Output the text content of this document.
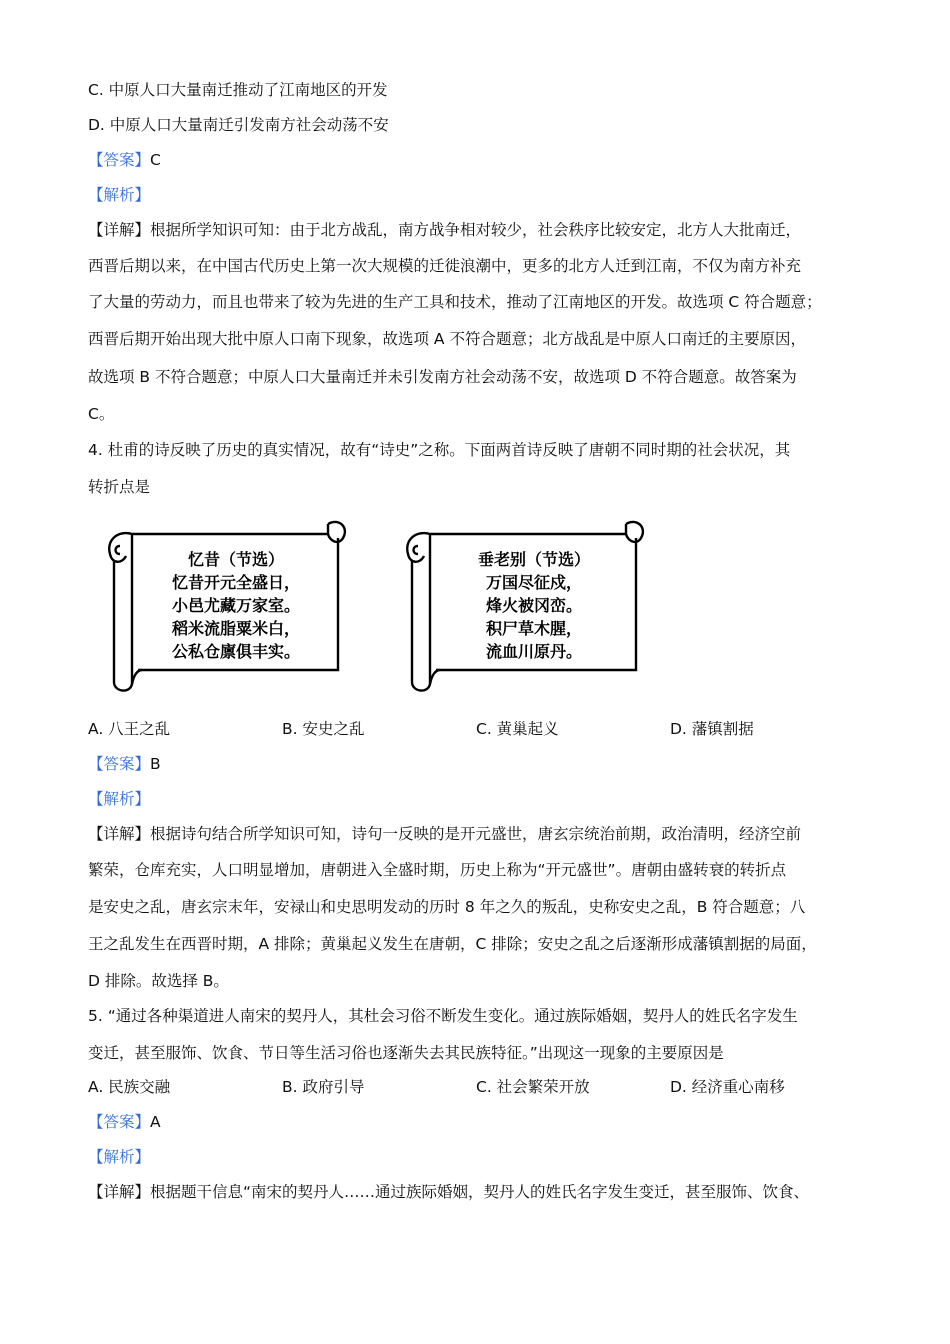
C. 中原人口大量南迁推动了江南地区的开发
D. 中原人口大量南迁引发南方社会动荡不安
【答案】C
【解析】
【详解】根据所学知识可知：由于北方战乱，南方战争相对较少，社会秩序比较安定，北方人大批南迁，
西晋后期以来，在中国古代历史上第一次大规模的迁徙浪潮中，更多的北方人迁到江南，不仅为南方补充
了大量的劳动力，而且也带来了较为先进的生产工具和技术，推动了江南地区的开发。故选项 C 符合题意；
西晋后期开始出现大批中原人口南下现象，故选项 A 不符合题意；北方战乱是中原人口南迁的主要原因，
故选项 B 不符合题意；中原人口大量南迁并未引发南方社会动荡不安，故选项 D 不符合题意。故答案为
C。
4. 杜甫的诗反映了历史的真实情况，故有“诗史”之称。下面两首诗反映了唐朝不同时期的社会状况，其
转折点是
忆昔（节选）
忆昔开元全盛日，
小邑尤藏万家室。
稻米流脂粟米白，
公私仓廪俱丰实。
垂老别（节选）
万国尽征戍，
烽火被冈峦。
积尸草木腥，
流血川原丹。
A. 八王之乱	B. 安史之乱	C. 黄巢起义	D. 藩镇割据
【答案】B
【解析】
【详解】根据诗句结合所学知识可知，诗句一反映的是开元盛世，唐玄宗统治前期，政治清明，经济空前
繁荣，仓库充实，人口明显增加，唐朝进入全盛时期，历史上称为“开元盛世”。唐朝由盛转衰的转折点
是安史之乱，唐玄宗末年，安禄山和史思明发动的历时 8 年之久的叛乱，史称安史之乱，B 符合题意；八
王之乱发生在西晋时期，A 排除；黄巢起义发生在唐朝，C 排除；安史之乱之后逐渐形成藩镇割据的局面，
D 排除。故选择 B。
5. “通过各种渠道进人南宋的契丹人，其杜会习俗不断发生变化。通过族际婚姻，契丹人的姓氏名字发生
变迁，甚至服饰、饮食、节日等生活习俗也逐渐失去其民族特征。”出现这一现象的主要原因是
A. 民族交融	B. 政府引导	C. 社会繁荣开放	D. 经济重心南移
【答案】A
【解析】
【详解】根据题干信息“南宋的契丹人……通过族际婚姻，契丹人的姓氏名字发生变迁，甚至服饰、饮食、
